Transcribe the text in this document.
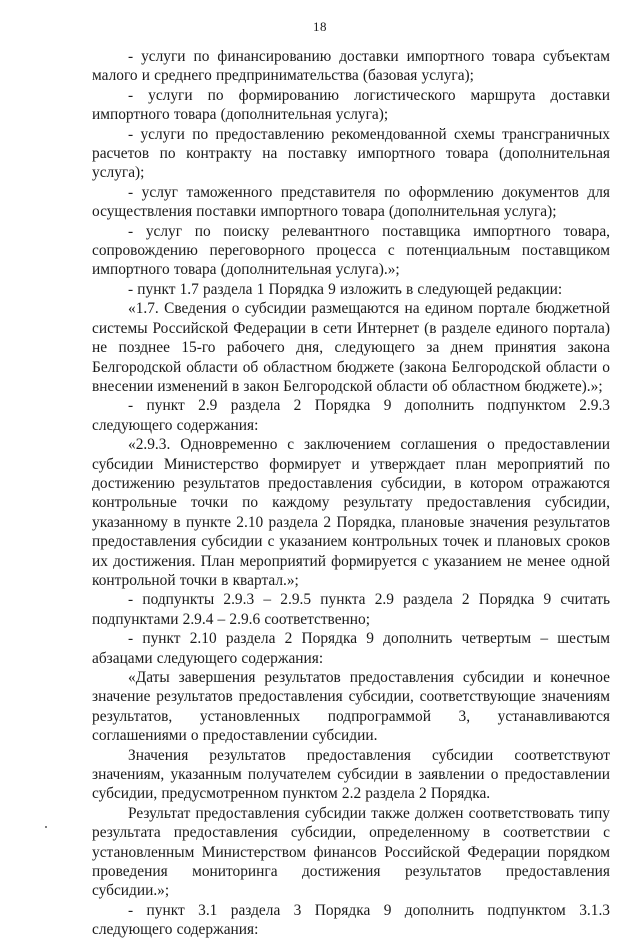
18

- услуги по финансированию доставки импортного товара субъектам малого и среднего предпринимательства (базовая услуга);

- услуги по формированию логистического маршрута доставки импортного товара (дополнительная услуга);

- услуги по предоставлению рекомендованной схемы трансграничных расчетов по контракту на поставку импортного товара (дополнительная услуга);

- услуг таможенного представителя по оформлению документов для осуществления поставки импортного товара (дополнительная услуга);

- услуг по поиску релевантного поставщика импортного товара, сопровождению переговорного процесса с потенциальным поставщиком импортного товара (дополнительная услуга).»;

- пункт 1.7 раздела 1 Порядка 9 изложить в следующей редакции:

«1.7. Сведения о субсидии размещаются на едином портале бюджетной системы Российской Федерации в сети Интернет (в разделе единого портала) не позднее 15-го рабочего дня, следующего за днем принятия закона Белгородской области об областном бюджете (закона Белгородской области о внесении изменений в закон Белгородской области об областном бюджете).»;

- пункт 2.9 раздела 2 Порядка 9 дополнить подпунктом 2.9.3 следующего содержания:

«2.9.3. Одновременно с заключением соглашения о предоставлении субсидии Министерство формирует и утверждает план мероприятий по достижению результатов предоставления субсидии, в котором отражаются контрольные точки по каждому результату предоставления субсидии, указанному в пункте 2.10 раздела 2 Порядка, плановые значения результатов предоставления субсидии с указанием контрольных точек и плановых сроков их достижения. План мероприятий формируется с указанием не менее одной контрольной точки в квартал.»;

- подпункты 2.9.3 – 2.9.5 пункта 2.9 раздела 2 Порядка 9 считать подпунктами 2.9.4 – 2.9.6 соответственно;

- пункт 2.10 раздела 2 Порядка 9 дополнить четвертым – шестым абзацами следующего содержания:

«Даты завершения результатов предоставления субсидии и конечное значение результатов предоставления субсидии, соответствующие значениям результатов, установленных подпрограммой 3, устанавливаются соглашениями о предоставлении субсидии.

Значения результатов предоставления субсидии соответствуют значениям, указанным получателем субсидии в заявлении о предоставлении субсидии, предусмотренном пунктом 2.2 раздела 2 Порядка.

Результат предоставления субсидии также должен соответствовать типу результата предоставления субсидии, определенному в соответствии с установленным Министерством финансов Российской Федерации порядком проведения мониторинга достижения результатов предоставления субсидии.»;

- пункт 3.1 раздела 3 Порядка 9 дополнить подпунктом 3.1.3 следующего содержания:
